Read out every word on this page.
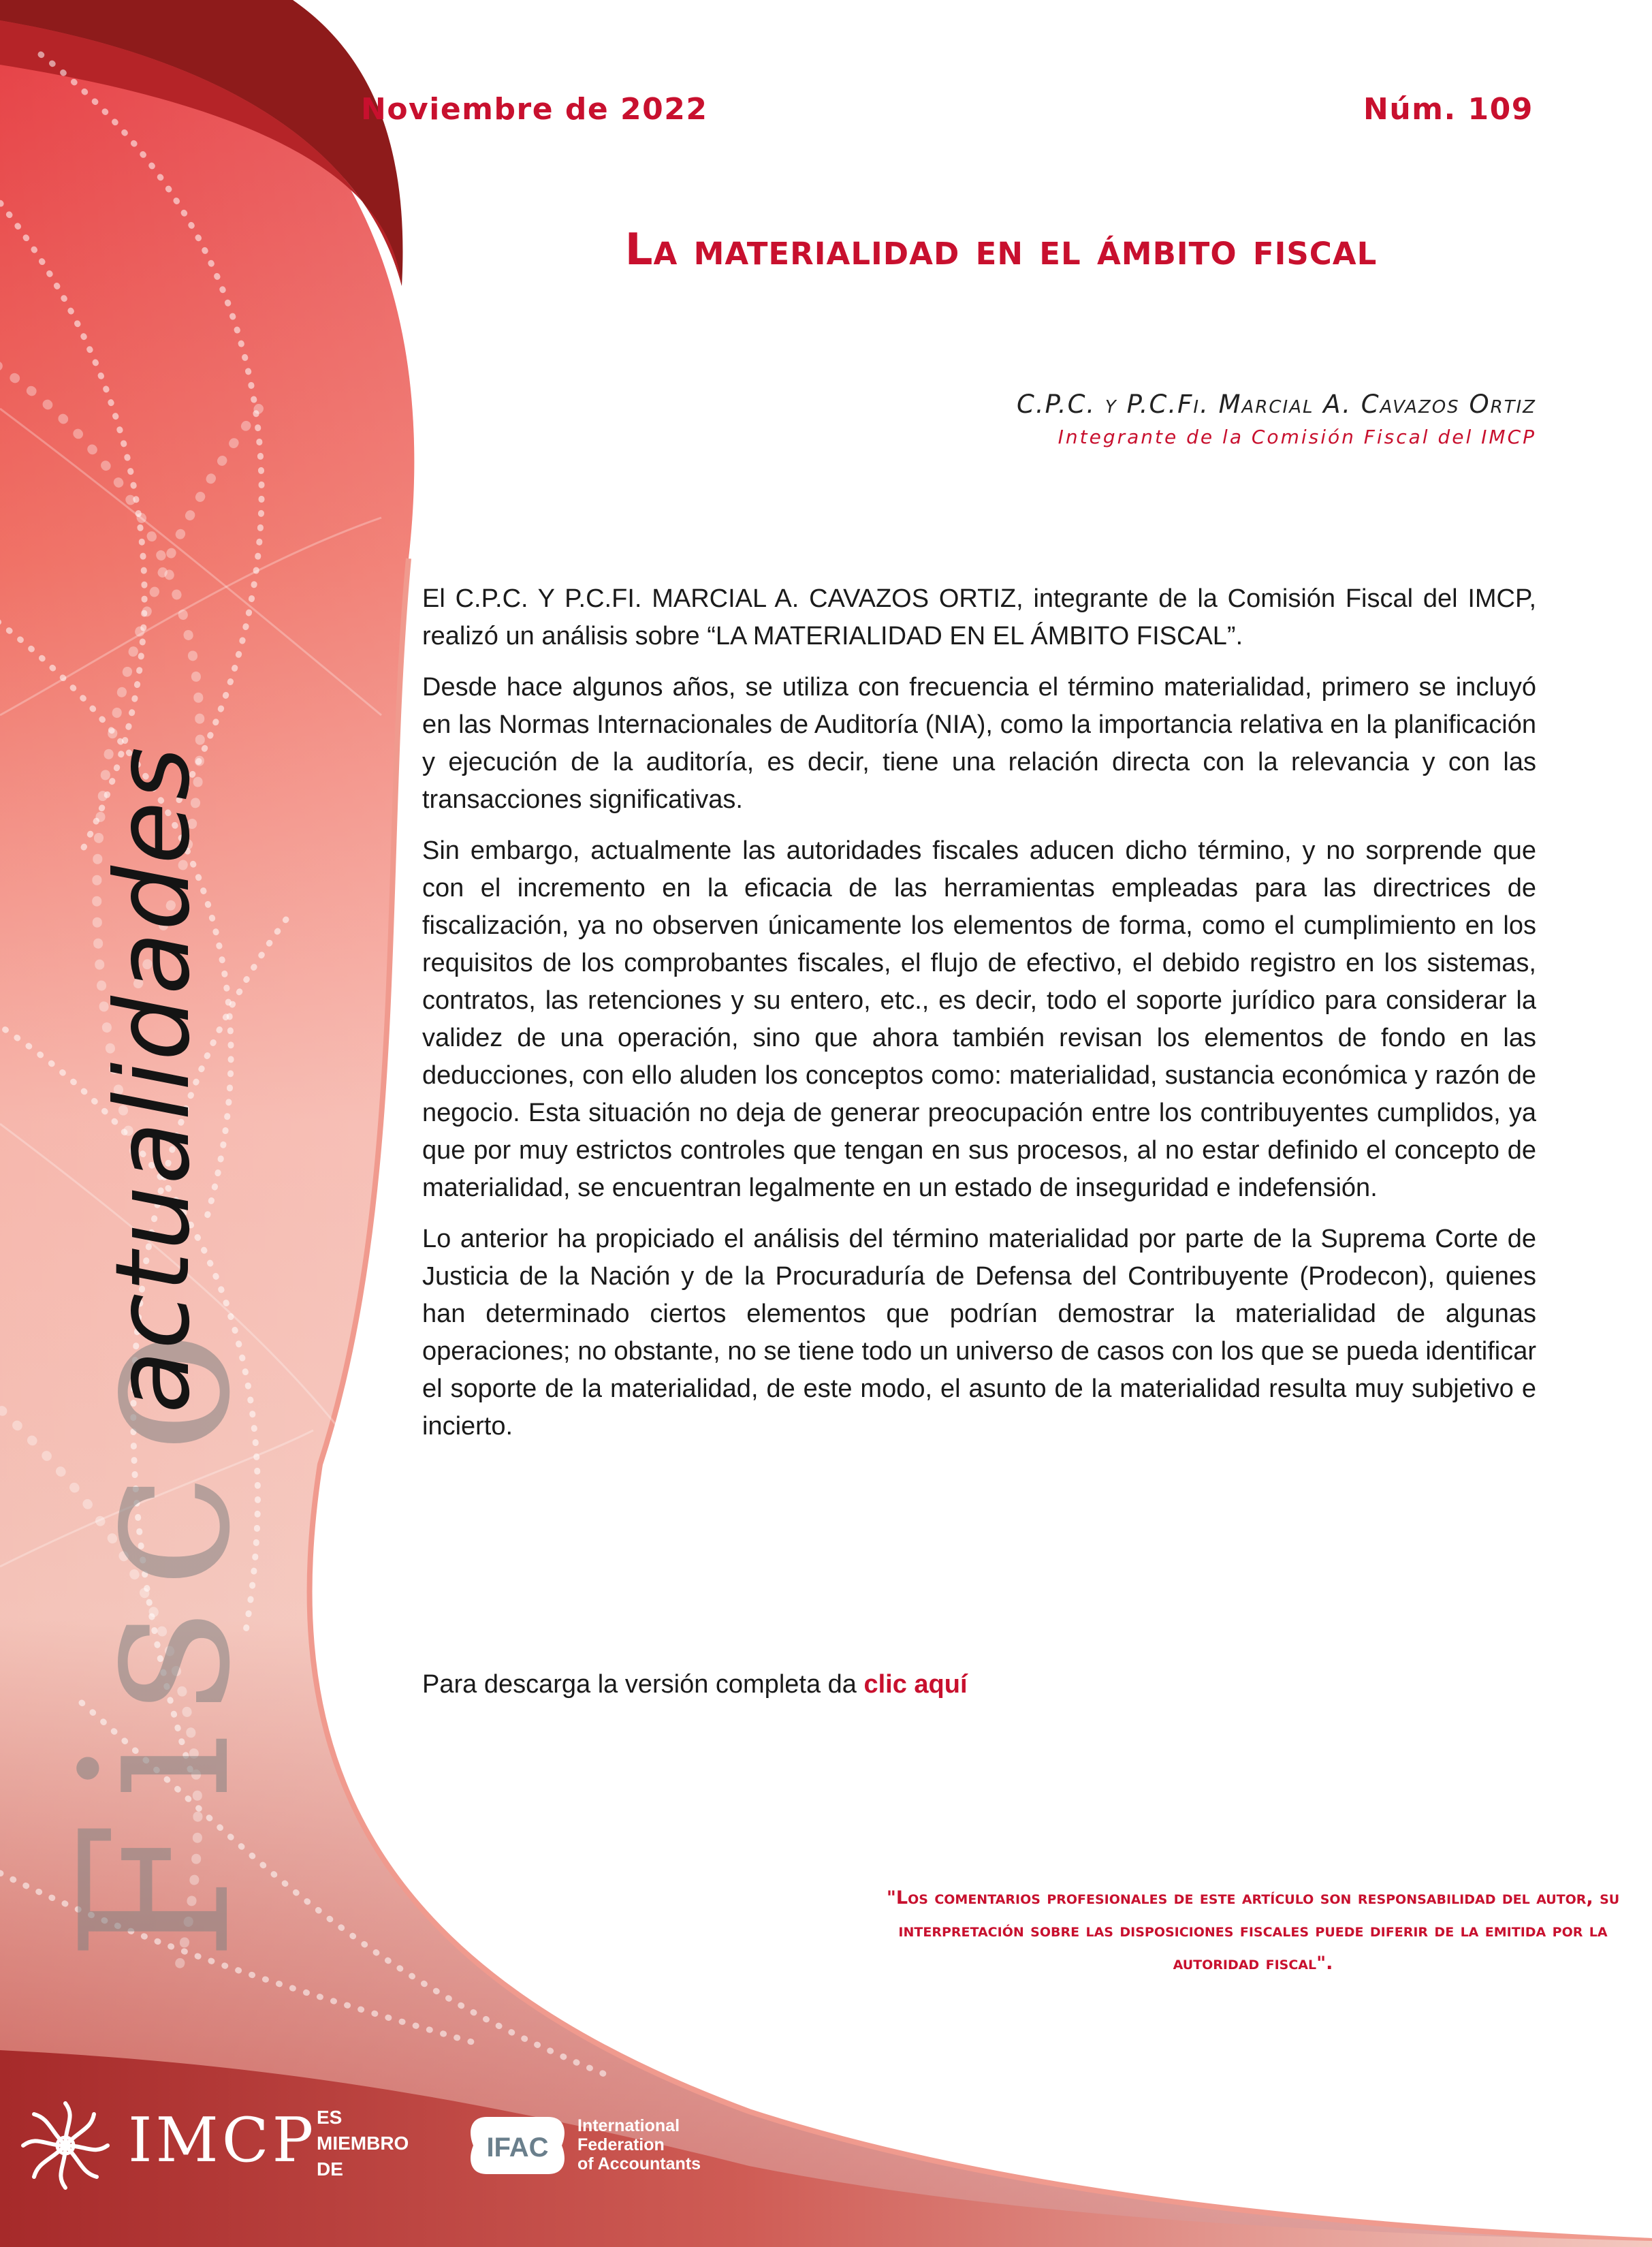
Noviembre de 2022	Núm. 109
La materialidad en el ámbito fiscal
C.P.C. y P.C.Fi. Marcial A. Cavazos Ortiz
Integrante de la Comisión Fiscal del IMCP

El C.P.C. Y P.C.FI. MARCIAL A. CAVAZOS ORTIZ, integrante de la Comisión Fiscal del IMCP, realizó un análisis sobre “LA MATERIALIDAD EN EL ÁMBITO FISCAL”.

Desde hace algunos años, se utiliza con frecuencia el término materialidad, primero se incluyó en las Normas Internacionales de Auditoría (NIA), como la importancia relativa en la planificación y ejecución de la auditoría, es decir, tiene una relación directa con la relevancia y con las transacciones significativas.

Sin embargo, actualmente las autoridades fiscales aducen dicho término, y no sorprende que con el incremento en la eficacia de las herramientas empleadas para las directrices de fiscalización, ya no observen únicamente los elementos de forma, como el cumplimiento en los requisitos de los comprobantes fiscales, el flujo de efectivo, el debido registro en los sistemas, contratos, las retenciones y su entero, etc., es decir, todo el soporte jurídico para considerar la validez de una operación, sino que ahora también revisan los elementos de fondo en las deducciones, con ello aluden los conceptos como: materialidad, sustancia económica y razón de negocio. Esta situación no deja de generar preocupación entre los contribuyentes cumplidos, ya que por muy estrictos controles que tengan en sus procesos, al no estar definido el concepto de materialidad, se encuentran legalmente en un estado de inseguridad e indefensión.

Lo anterior ha propiciado el análisis del término materialidad por parte de la Suprema Corte de Justicia de la Nación y de la Procuraduría de Defensa del Contribuyente (Prodecon), quienes han determinado ciertos elementos que podrían demostrar la materialidad de algunas operaciones; no obstante, no se tiene todo un universo de casos con los que se pueda identificar el soporte de la materialidad, de este modo, el asunto de la materialidad resulta muy subjetivo e incierto.

Para descarga la versión completa da clic aquí
"Los comentarios profesionales de este artículo son responsabilidad del autor, su interpretación sobre las disposiciones fiscales puede diferir de la emitida por la autoridad fiscal".
Fisco
actualidades
IMCP ES
MIEMBRO
DE
IFAC
International
Federation
of Accountants
